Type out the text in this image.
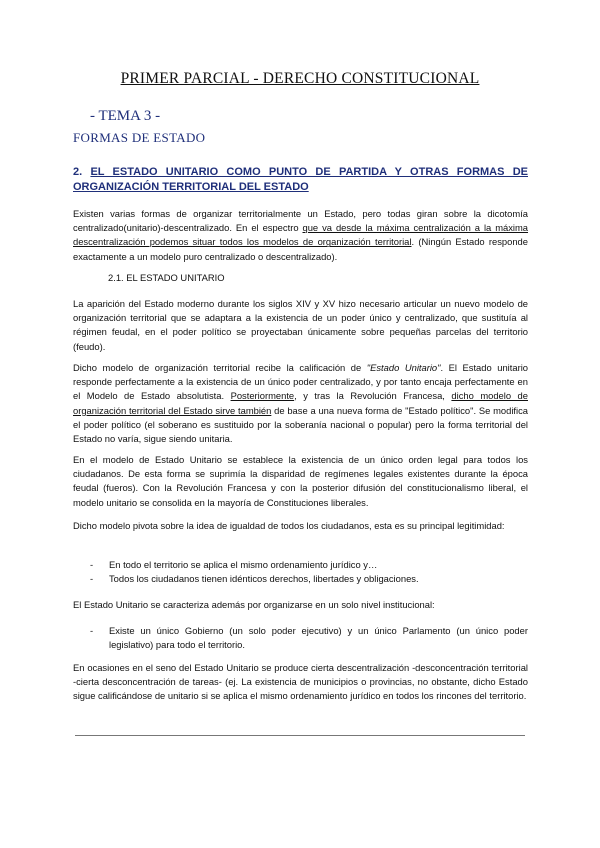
PRIMER PARCIAL - DERECHO CONSTITUCIONAL
- TEMA 3 -
FORMAS DE ESTADO
2. EL ESTADO UNITARIO COMO PUNTO DE PARTIDA Y OTRAS FORMAS DE ORGANIZACIÓN TERRITORIAL DEL ESTADO
Existen varias formas de organizar territorialmente un Estado, pero todas giran sobre la dicotomía centralizado(unitario)-descentralizado. En el espectro que va desde la máxima centralización a la máxima descentralización podemos situar todos los modelos de organización territorial. (Ningún Estado responde exactamente a un modelo puro centralizado o descentralizado).
2.1. EL ESTADO UNITARIO
La aparición del Estado moderno durante los siglos XIV y XV hizo necesario articular un nuevo modelo de organización territorial que se adaptara a la existencia de un poder único y centralizado, que sustituía al régimen feudal, en el poder político se proyectaban únicamente sobre pequeñas parcelas del territorio (feudo).
Dicho modelo de organización territorial recibe la calificación de "Estado Unitario". El Estado unitario responde perfectamente a la existencia de un único poder centralizado, y por tanto encaja perfectamente en el Modelo de Estado absolutista. Posteriormente, y tras la Revolución Francesa, dicho modelo de organización territorial del Estado sirve también de base a una nueva forma de "Estado político". Se modifica el poder político (el soberano es sustituido por la soberanía nacional o popular) pero la forma territorial del Estado no varía, sigue siendo unitaria.
En el modelo de Estado Unitario se establece la existencia de un único orden legal para todos los ciudadanos. De esta forma se suprimía la disparidad de regímenes legales existentes durante la época feudal (fueros). Con la Revolución Francesa y con la posterior difusión del constitucionalismo liberal, el modelo unitario se consolida en la mayoría de Constituciones liberales.
Dicho modelo pivota sobre la idea de igualdad de todos los ciudadanos, esta es su principal legitimidad:
- En todo el territorio se aplica el mismo ordenamiento jurídico y…
- Todos los ciudadanos tienen idénticos derechos, libertades y obligaciones.
El Estado Unitario se caracteriza además por organizarse en un solo nivel institucional:
- Existe un único Gobierno (un solo poder ejecutivo) y un único Parlamento (un único poder legislativo) para todo el territorio.
En ocasiones en el seno del Estado Unitario se produce cierta descentralización -desconcentración territorial -cierta desconcentración de tareas- (ej. La existencia de municipios o provincias, no obstante, dicho Estado sigue calificándose de unitario si se aplica el mismo ordenamiento jurídico en todos los rincones del territorio.
